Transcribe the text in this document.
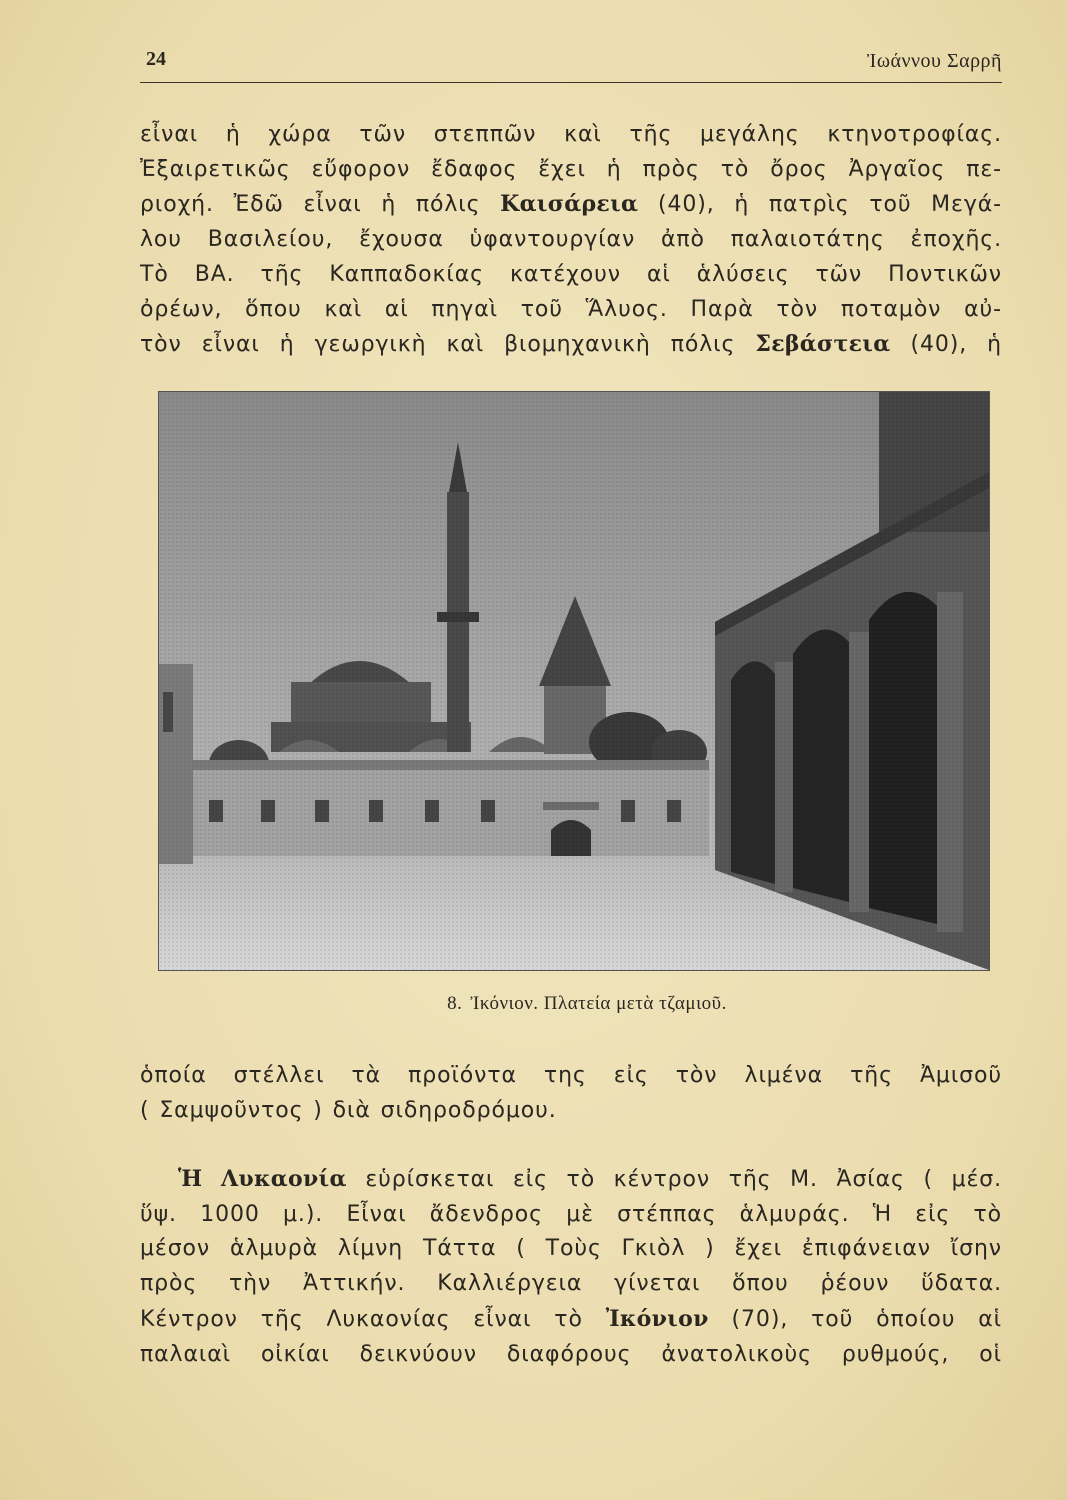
24	Ἰωάννου Σαρρῆ
εἶναι ἡ χώρα τῶν στεππῶν καὶ τῆς μεγάλης κτηνοτροφίας.
Ἐξαιρετικῶς εὔφορον ἔδαφος ἔχει ἡ πρὸς τὸ ὄρος Ἀργαῖος πε-
ριοχή. Ἐδῶ εἶναι ἡ πόλις Καισάρεια (40), ἡ πατρὶς τοῦ Μεγά-
λου Βασιλείου, ἔχουσα ὑφαντουργίαν ἀπὸ παλαιοτάτης ἐποχῆς.
Τὸ ΒΑ. τῆς Καππαδοκίας κατέχουν αἱ ἁλύσεις τῶν Ποντικῶν
ὀρέων, ὅπου καὶ αἱ πηγαὶ τοῦ Ἅλυος. Παρὰ τὸν ποταμὸν αὐ-
τὸν εἶναι ἡ γεωργικὴ καὶ βιομηχανικὴ πόλις Σεβάστεια (40), ἡ
8. Ἰκόνιον. Πλατεία μετὰ τζαμιοῦ.
ὁποία στέλλει τὰ προϊόντα της εἰς τὸν λιμένα τῆς Ἀμισοῦ
( Σαμψοῦντος ) διὰ σιδηροδρόμου.
Ἡ Λυκαονία εὑρίσκεται εἰς τὸ κέντρον τῆς Μ. Ἀσίας ( μέσ.
ὕψ. 1000 μ.). Εἶναι ἄδενδρος μὲ στέππας ἁλμυράς. Ἡ εἰς τὸ
μέσον ἁλμυρὰ λίμνη Τάττα ( Τοὺς Γκιὸλ ) ἔχει ἐπιφάνειαν ἴσην
πρὸς τὴν Ἀττικήν. Καλλιέργεια γίνεται ὅπου ῥέουν ὕδατα.
Κέντρον τῆς Λυκαονίας εἶναι τὸ Ἰκόνιον (70), τοῦ ὁποίου αἱ
παλαιαὶ οἰκίαι δεικνύουν διαφόρους ἀνατολικοὺς ρυθμούς, οἱ
